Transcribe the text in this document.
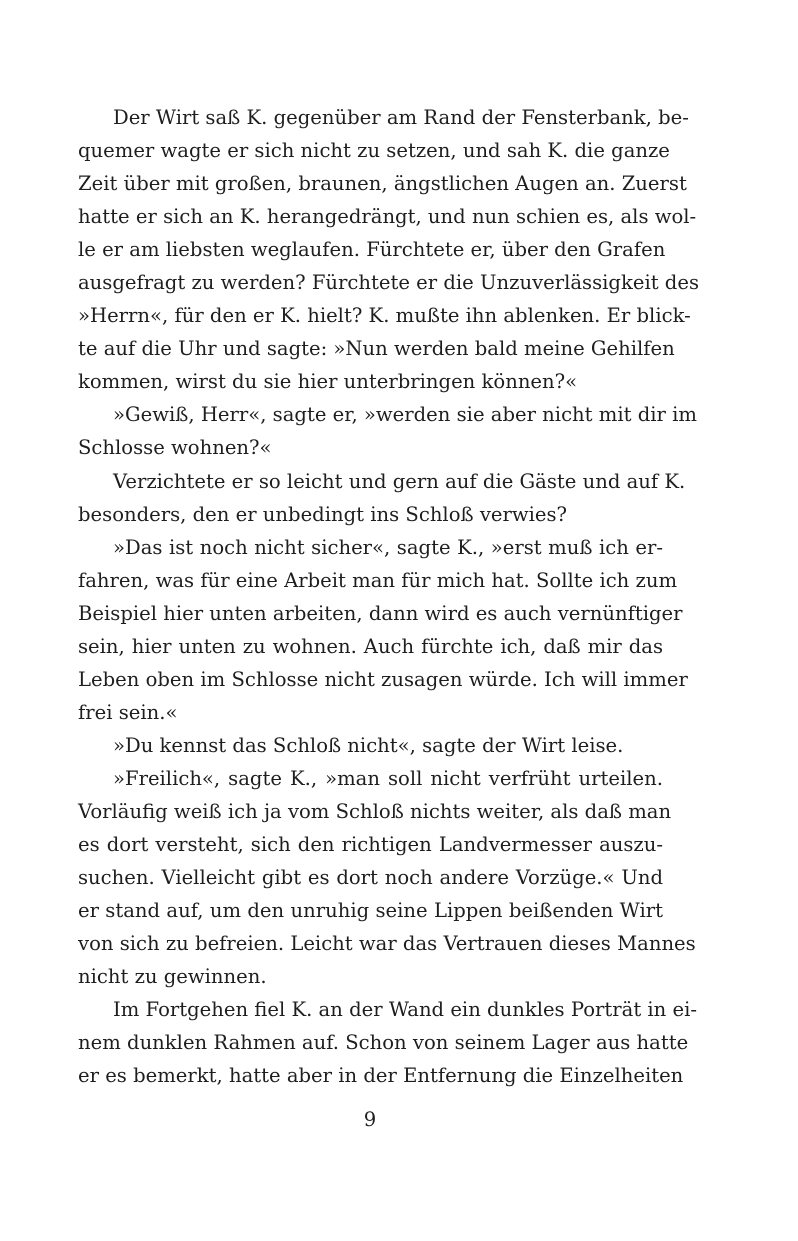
Der Wirt saß K. gegenüber am Rand der Fensterbank, be-
quemer wagte er sich nicht zu setzen, und sah K. die ganze
Zeit über mit großen, braunen, ängstlichen Augen an. Zuerst
hatte er sich an K. herangedrängt, und nun schien es, als wol-
le er am liebsten weglaufen. Fürchtete er, über den Grafen
ausgefragt zu werden? Fürchtete er die Unzuverlässigkeit des
»Herrn«, für den er K. hielt? K. mußte ihn ablenken. Er blick-
te auf die Uhr und sagte: »Nun werden bald meine Gehilfen
kommen, wirst du sie hier unterbringen können?«
»Gewiß, Herr«, sagte er, »werden sie aber nicht mit dir im
Schlosse wohnen?«
Verzichtete er so leicht und gern auf die Gäste und auf K.
besonders, den er unbedingt ins Schloß verwies?
»Das ist noch nicht sicher«, sagte K., »erst muß ich er-
fahren, was für eine Arbeit man für mich hat. Sollte ich zum
Beispiel hier unten arbeiten, dann wird es auch vernünftiger
sein, hier unten zu wohnen. Auch fürchte ich, daß mir das
Leben oben im Schlosse nicht zusagen würde. Ich will immer
frei sein.«
»Du kennst das Schloß nicht«, sagte der Wirt leise.
»Freilich«, sagte K., »man soll nicht verfrüht urteilen.
Vorläufig weiß ich ja vom Schloß nichts weiter, als daß man
es dort versteht, sich den richtigen Landvermesser auszu-
suchen. Vielleicht gibt es dort noch andere Vorzüge.« Und
er stand auf, um den unruhig seine Lippen beißenden Wirt
von sich zu befreien. Leicht war das Vertrauen dieses Mannes
nicht zu gewinnen.
Im Fortgehen fiel K. an der Wand ein dunkles Porträt in ei-
nem dunklen Rahmen auf. Schon von seinem Lager aus hatte
er es bemerkt, hatte aber in der Entfernung die Einzelheiten
9
